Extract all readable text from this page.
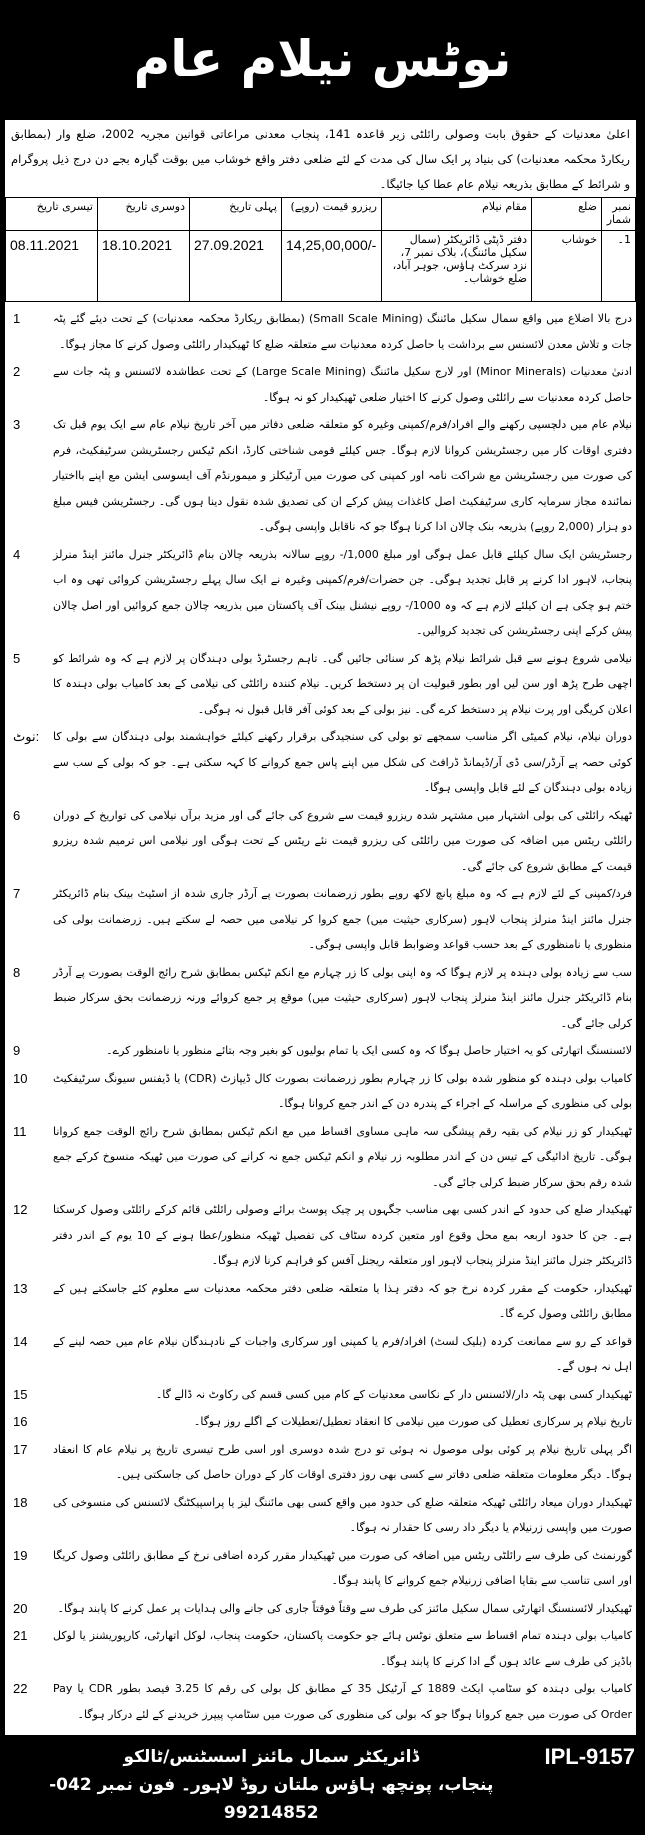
نوٹس نیلام عام
اعلیٰ معدنیات کے حقوق بابت وصولی رائلٹی زیر قاعدہ 141، پنجاب معدنی مراعاتی قوانین مجریہ 2002، ضلع وار (بمطابق ریکارڈ محکمہ معدنیات) کی بنیاد پر ایک سال کی مدت کے لئے ضلعی دفتر واقع خوشاب میں بوقت گیارہ بجے دن درج ذیل پروگرام و شرائط کے مطابق بذریعہ نیلام عام عطا کیا جائیگا۔
نمبر شمار	ضلع	مقام نیلام	ریزرو قیمت (روپے)	پہلی تاریخ	دوسری تاریخ	تیسری تاریخ
1۔	خوشاب	دفتر ڈپٹی ڈائریکٹر (سمال سکیل مائننگ)، بلاک نمبر 7، نزد سرکٹ ہاؤس، جوہر آباد، ضلع خوشاب۔	14,25,00,000/-	27.09.2021	18.10.2021	08.11.2021
1	درج بالا اضلاع میں واقع سمال سکیل مائننگ (Small Scale Mining) (بمطابق ریکارڈ محکمہ معدنیات) کے تحت دیئے گئے پٹہ جات و تلاش معدن لائسنس سے برداشت یا حاصل کردہ معدنیات سے متعلقہ ضلع کا ٹھیکیدار رائلٹی وصول کرنے کا مجاز ہوگا۔
2	ادنیٰ معدنیات (Minor Minerals) اور لارج سکیل مائننگ (Large Scale Mining) کے تحت عطاشدہ لائسنس و پٹہ جات سے حاصل کردہ معدنیات سے رائلٹی وصول کرنے کا اختیار ضلعی ٹھیکیدار کو نہ ہوگا۔
3	نیلام عام میں دلچسپی رکھنے والے افراد/فرم/کمپنی وغیرہ کو متعلقہ ضلعی دفاتر میں آخر تاریخ نیلام عام سے ایک یوم قبل تک دفتری اوقات کار میں رجسٹریشن کروانا لازم ہوگا۔ جس کیلئے قومی شناختی کارڈ، انکم ٹیکس رجسٹریشن سرٹیفکیٹ، فرم کی صورت میں رجسٹریشن مع شراکت نامہ اور کمپنی کی صورت میں آرٹیکلز و میمورنڈم آف ایسوسی ایشن مع اپنے بااختیار نمائندہ مجاز سرمایہ کاری سرٹیفکیٹ اصل کاغذات پیش کرکے ان کی تصدیق شدہ نقول دینا ہوں گی۔ رجسٹریشن فیس مبلغ دو ہزار (2,000 روپے) بذریعہ بنک چالان ادا کرنا ہوگا جو کہ ناقابل واپسی ہوگی۔
4	رجسٹریشن ایک سال کیلئے قابل عمل ہوگی اور مبلغ 1,000/- روپے سالانہ بذریعہ چالان بنام ڈائریکٹر جنرل مائنز اینڈ منرلز پنجاب، لاہور ادا کرنے پر قابل تجدید ہوگی۔ جن حضرات/فرم/کمپنی وغیرہ نے ایک سال پہلے رجسٹریشن کروائی تھی وہ اب ختم ہو چکی ہے ان کیلئے لازم ہے کہ وہ 1000/- روپے نیشنل بینک آف پاکستان میں بذریعہ چالان جمع کروائیں اور اصل چالان پیش کرکے اپنی رجسٹریشن کی تجدید کروالیں۔
5	نیلامی شروع ہونے سے قبل شرائط نیلام پڑھ کر سنائی جائیں گی۔ تاہم رجسٹرڈ بولی دہندگان پر لازم ہے کہ وہ شرائط کو اچھی طرح پڑھ اور سن لیں اور بطور قبولیت ان پر دستخط کریں۔ نیلام کنندہ رائلٹی کی نیلامی کے بعد کامیاب بولی دہندہ کا اعلان کریگی اور پرت نیلام پر دستخط کرے گی۔ نیز بولی کے بعد کوئی آفر قابل قبول نہ ہوگی۔
نوٹ:	دوران نیلام، نیلام کمیٹی اگر مناسب سمجھے تو بولی کی سنجیدگی برقرار رکھنے کیلئے خواہشمند بولی دہندگان سے بولی کا کوئی حصہ پے آرڈر/سی ڈی آر/ڈیمانڈ ڈرافٹ کی شکل میں اپنے پاس جمع کروانے کا کہہ سکتی ہے۔ جو کہ بولی کے سب سے زیادہ بولی دہندگان کے لئے قابل واپسی ہوگا۔
6	ٹھیکہ رائلٹی کی بولی اشتہار میں مشتہر شدہ ریزرو قیمت سے شروع کی جائے گی اور مزید برآں نیلامی کی تواریخ کے دوران رائلٹی ریٹس میں اضافہ کی صورت میں رائلٹی کی ریزرو قیمت نئے ریٹس کے تحت ہوگی اور نیلامی اس ترمیم شدہ ریزرو قیمت کے مطابق شروع کی جائے گی۔
7	فرد/کمپنی کے لئے لازم ہے کہ وہ مبلغ پانچ لاکھ روپے بطور زرضمانت بصورت پے آرڈر جاری شدہ از اسٹیٹ بینک بنام ڈائریکٹر جنرل مائنز اینڈ منرلز پنجاب لاہور (سرکاری حیثیت میں) جمع کروا کر نیلامی میں حصہ لے سکتے ہیں۔ زرضمانت بولی کی منظوری یا نامنظوری کے بعد حسب قواعد وضوابط قابل واپسی ہوگی۔
8	سب سے زیادہ بولی دہندہ پر لازم ہوگا کہ وہ اپنی بولی کا زر چہارم مع انکم ٹیکس بمطابق شرح رائج الوقت بصورت پے آرڈر بنام ڈائریکٹر جنرل مائنز اینڈ منرلز پنجاب لاہور (سرکاری حیثیت میں) موقع پر جمع کروائے ورنہ زرضمانت بحق سرکار ضبط کرلی جائے گی۔
9	لائسنسنگ اتھارٹی کو یہ اختیار حاصل ہوگا کہ وہ کسی ایک یا تمام بولیوں کو بغیر وجہ بتائے منظور یا نامنظور کرے۔
10	کامیاب بولی دہندہ کو منظور شدہ بولی کا زر چہارم بطور زرضمانت بصورت کال ڈیپازٹ (CDR) یا ڈیفنس سیونگ سرٹیفکیٹ بولی کی منظوری کے مراسلہ کے اجراء کے پندرہ دن کے اندر جمع کروانا ہوگا۔
11	ٹھیکیدار کو زر نیلام کی بقیہ رقم پیشگی سہ ماہی مساوی اقساط میں مع انکم ٹیکس بمطابق شرح رائج الوقت جمع کروانا ہوگی۔ تاریخ ادائیگی کے تیس دن کے اندر مطلوبہ زر نیلام و انکم ٹیکس جمع نہ کرانے کی صورت میں ٹھیکہ منسوخ کرکے جمع شدہ رقم بحق سرکار ضبط کرلی جائے گی۔
12	ٹھیکیدار ضلع کی حدود کے اندر کسی بھی مناسب جگہوں پر چیک پوسٹ برائے وصولی رائلٹی قائم کرکے رائلٹی وصول کرسکتا ہے۔ جن کا حدود اربعہ بمع محل وقوع اور متعین کردہ سٹاف کی تفصیل ٹھیکہ منظور/عطا ہونے کے 10 یوم کے اندر دفتر ڈائریکٹر جنرل مائنز اینڈ منرلز پنجاب لاہور اور متعلقہ ریجنل آفس کو فراہم کرنا لازم ہوگا۔
13	ٹھیکیدار، حکومت کے مقرر کردہ نرخ جو کہ دفتر ہذا یا متعلقہ ضلعی دفتر محکمہ معدنیات سے معلوم کئے جاسکتے ہیں کے مطابق رائلٹی وصول کرے گا۔
14	قواعد کے رو سے ممانعت کردہ (بلیک لسٹ) افراد/فرم یا کمپنی اور سرکاری واجبات کے نادہندگان نیلام عام میں حصہ لینے کے اہل نہ ہوں گے۔
15	ٹھیکیدار کسی بھی پٹہ دار/لائسنس دار کے نکاسی معدنیات کے کام میں کسی قسم کی رکاوٹ نہ ڈالے گا۔
16	تاریخ نیلام پر سرکاری تعطیل کی صورت میں نیلامی کا انعقاد تعطیل/تعطیلات کے اگلے روز ہوگا۔
17	اگر پہلی تاریخ نیلام پر کوئی بولی موصول نہ ہوئی تو درج شدہ دوسری اور اسی طرح تیسری تاریخ پر نیلام عام کا انعقاد ہوگا۔ دیگر معلومات متعلقہ ضلعی دفاتر سے کسی بھی روز دفتری اوقات کار کے دوران حاصل کی جاسکتی ہیں۔
18	ٹھیکیدار دوران میعاد رائلٹی ٹھیکہ متعلقہ ضلع کی حدود میں واقع کسی بھی مائننگ لیز یا پراسپیکٹنگ لائسنس کی منسوخی کی صورت میں واپسی زرنیلام یا دیگر داد رسی کا حقدار نہ ہوگا۔
19	گورنمنٹ کی طرف سے رائلٹی ریٹس میں اضافہ کی صورت میں ٹھیکیدار مقرر کردہ اضافی نرخ کے مطابق رائلٹی وصول کریگا اور اسی تناسب سے بقایا اضافی زرنیلام جمع کروانے کا پابند ہوگا۔
20	ٹھیکیدار لائسنسنگ اتھارٹی سمال سکیل مائنز کی طرف سے وقتاً فوقتاً جاری کی جانے والی ہدایات پر عمل کرنے کا پابند ہوگا۔
21	کامیاب بولی دہندہ تمام اقساط سے متعلق نوٹس ہائے جو حکومت پاکستان، حکومت پنجاب، لوکل اتھارٹی، کارپوریشنز یا لوکل باڈیز کی طرف سے عائد ہوں گے ادا کرنے کا پابند ہوگا۔
22	کامیاب بولی دہندہ کو سٹامپ ایکٹ 1889 کے آرٹیکل 35 کے مطابق کل بولی کی رقم کا 3.25 فیصد بطور CDR یا Pay Order کی صورت میں جمع کروانا ہوگا جو کہ بولی کی منظوری کی صورت میں سٹامپ پیپرز خریدنے کے لئے درکار ہوگا۔
IPL-9157
ڈائریکٹر سمال مائنز اسسٹنس/ٹالکو
پنجاب، پونچھ ہاؤس ملتان روڈ لاہور۔ فون نمبر 042-99214852
